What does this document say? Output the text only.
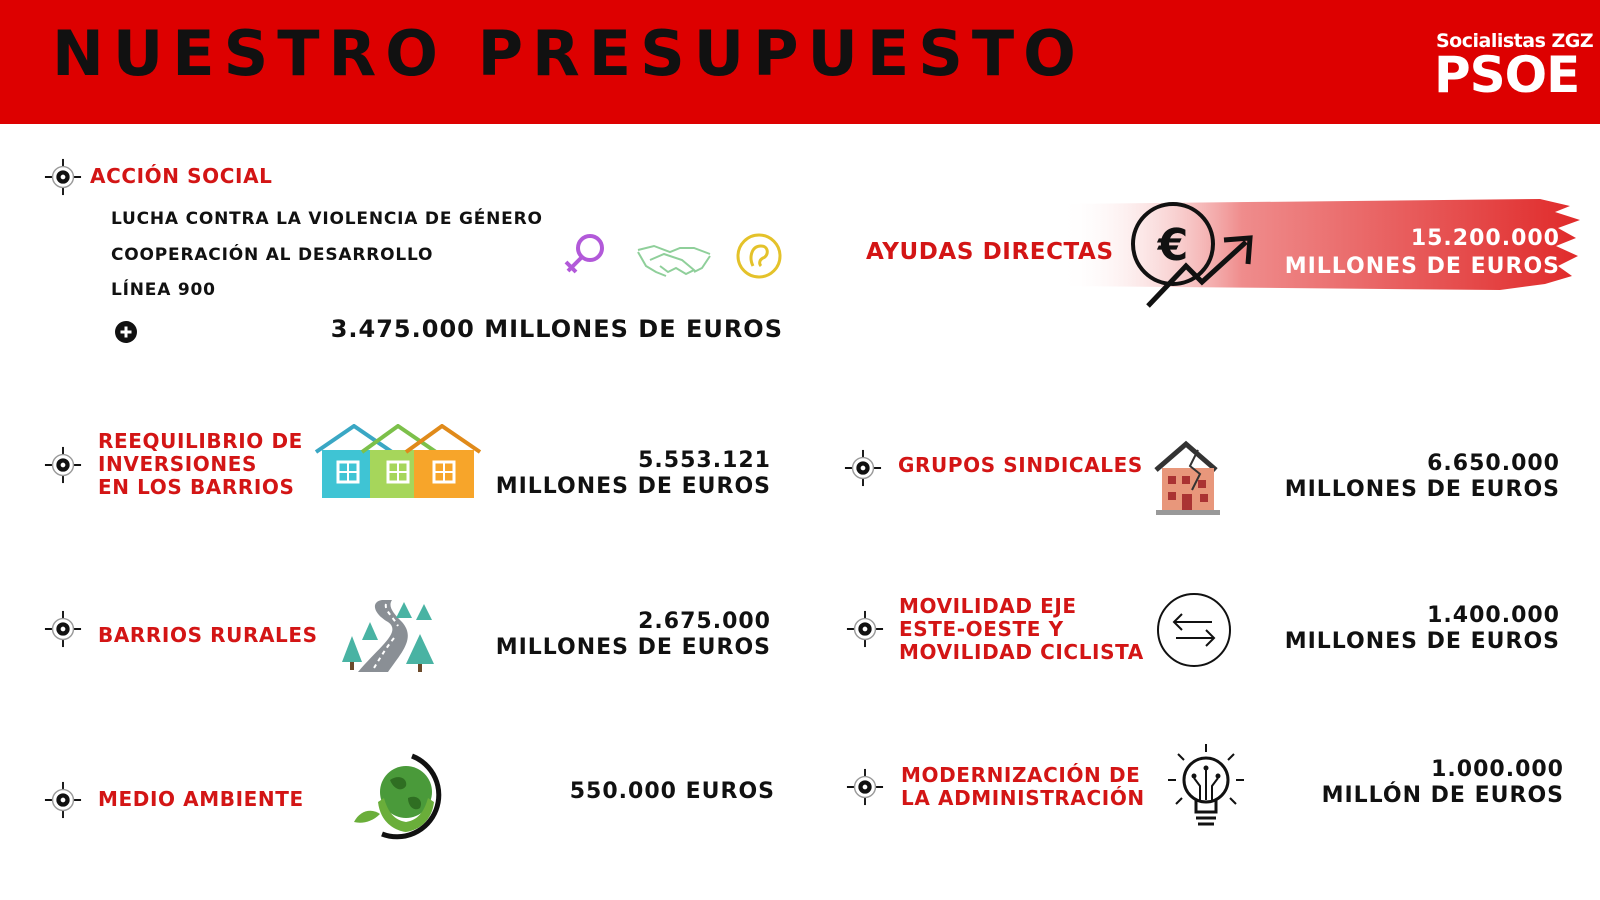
NUESTRO PRESUPUESTO	Socialistas ZGZ
PSOE
ACCIÓN SOCIAL
LUCHA CONTRA LA VIOLENCIA DE GÉNERO
COOPERACIÓN AL DESARROLLO
LÍNEA 900
3.475.000 MILLONES DE EUROS
AYUDAS DIRECTAS €	15.200.000
MILLONES DE EUROS
REEQUILIBRIO DE
INVERSIONES
EN LOS BARRIOS
5.553.121
MILLONES DE EUROS
GRUPOS SINDICALES	6.650.000
MILLONES DE EUROS
BARRIOS RURALES
2.675.000
MILLONES DE EUROS
MOVILIDAD EJE
ESTE-OESTE Y
MOVILIDAD CICLISTA
1.400.000
MILLONES DE EUROS
MEDIO AMBIENTE	550.000 EUROS
MODERNIZACIÓN DE
LA ADMINISTRACIÓN
1.000.000
MILLÓN DE EUROS
